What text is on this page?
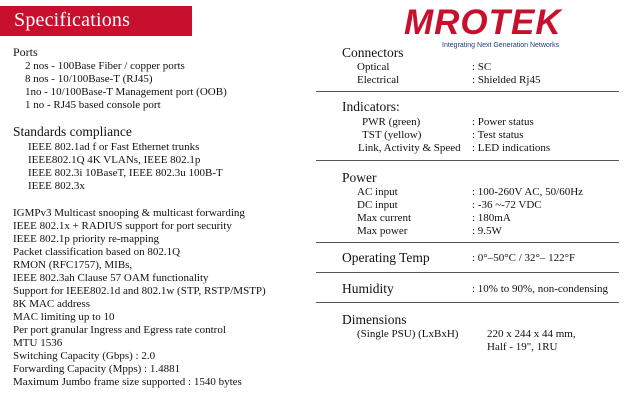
Specifications	MROTEK
Integrating Next Generation Networks
Ports
2 nos - 100Base Fiber / copper ports
8 nos - 10/100Base-T (RJ45)
1no - 10/100Base-T Management port (OOB)
1 no - RJ45 based console port
Standards compliance
IEEE 802.1ad f or Fast Ethernet trunks
IEEE802.1Q 4K VLANs, IEEE 802.1p
IEEE 802.3i 10BaseT, IEEE 802.3u 100B-T
IEEE 802.3x
IGMPv3 Multicast snooping & multicast forwarding
IEEE 802.1x + RADIUS support for port security
IEEE 802.1p priority re-mapping
Packet classification based on 802.1Q
RMON (RFC1757), MIBs,
IEEE 802.3ah Clause 57 OAM functionality
Support for IEEE802.1d and 802.1w (STP, RSTP/MSTP)
8K MAC address
MAC limiting up to 10
Per port granular Ingress and Egress rate control
MTU 1536
Switching Capacity (Gbps) : 2.0
Forwarding Capacity (Mpps) : 1.4881
Maximum Jumbo frame size supported : 1540 bytes
Connectors
Optical	: SC
Electrical	: Shielded Rj45
Indicators:
PWR (green)	: Power status
TST (yellow)	: Test status
Link, Activity & Speed : LED indications
Power
AC input	: 100-260V AC, 50/60Hz
DC input	: -36 ~-72 VDC
Max current	: 180mA
Max power	: 9.5W
Operating Temp	: 0°–50°C / 32°– 122°F
Humidity	: 10% to 90%, non-condensing
Dimensions
(Single PSU) (LxBxH)	220 x 244 x 44 mm,
Half - 19", 1RU
